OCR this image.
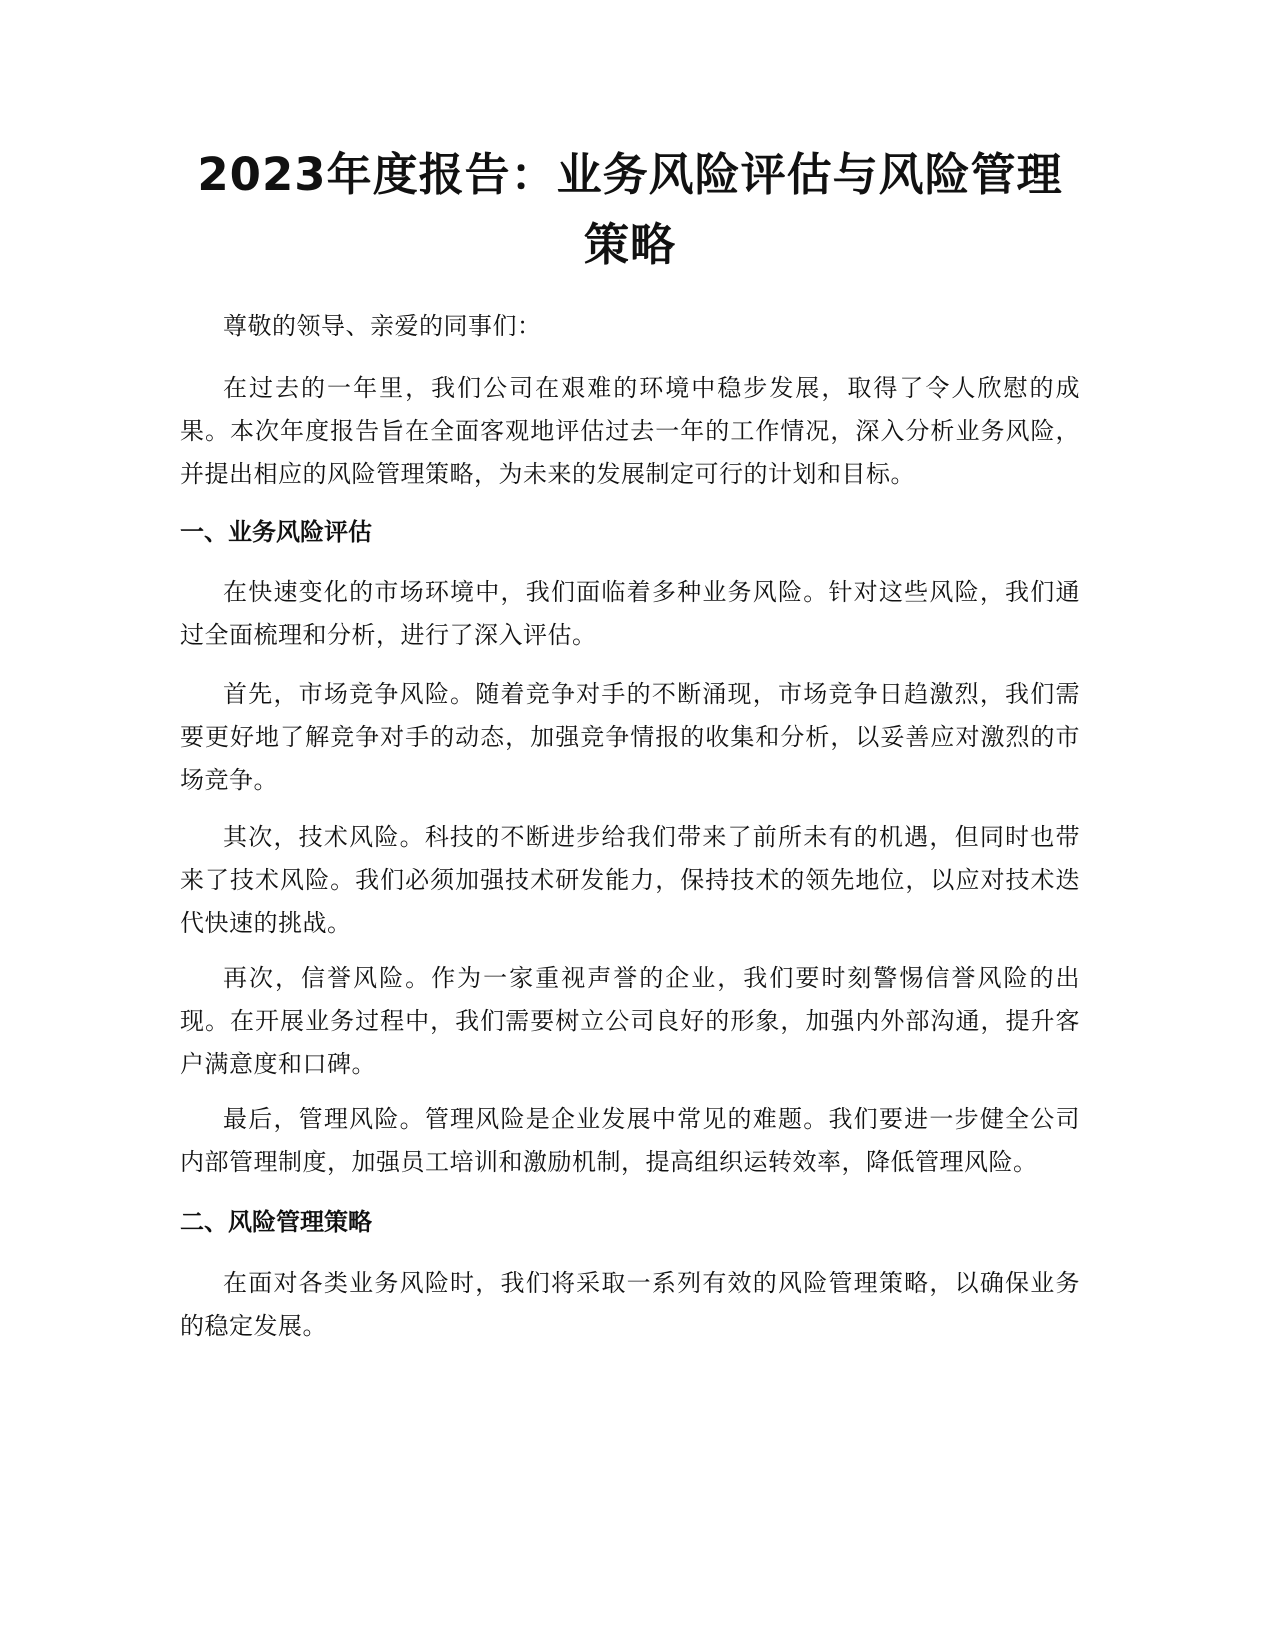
2023年度报告：业务风险评估与风险管理策略

尊敬的领导、亲爱的同事们：

在过去的一年里，我们公司在艰难的环境中稳步发展，取得了令人欣慰的成果。本次年度报告旨在全面客观地评估过去一年的工作情况，深入分析业务风险，并提出相应的风险管理策略，为未来的发展制定可行的计划和目标。

一、业务风险评估

在快速变化的市场环境中，我们面临着多种业务风险。针对这些风险，我们通过全面梳理和分析，进行了深入评估。

首先，市场竞争风险。随着竞争对手的不断涌现，市场竞争日趋激烈，我们需要更好地了解竞争对手的动态，加强竞争情报的收集和分析，以妥善应对激烈的市场竞争。

其次，技术风险。科技的不断进步给我们带来了前所未有的机遇，但同时也带来了技术风险。我们必须加强技术研发能力，保持技术的领先地位，以应对技术迭代快速的挑战。

再次，信誉风险。作为一家重视声誉的企业，我们要时刻警惕信誉风险的出现。在开展业务过程中，我们需要树立公司良好的形象，加强内外部沟通，提升客户满意度和口碑。

最后，管理风险。管理风险是企业发展中常见的难题。我们要进一步健全公司内部管理制度，加强员工培训和激励机制，提高组织运转效率，降低管理风险。

二、风险管理策略

在面对各类业务风险时，我们将采取一系列有效的风险管理策略，以确保业务的稳定发展。
